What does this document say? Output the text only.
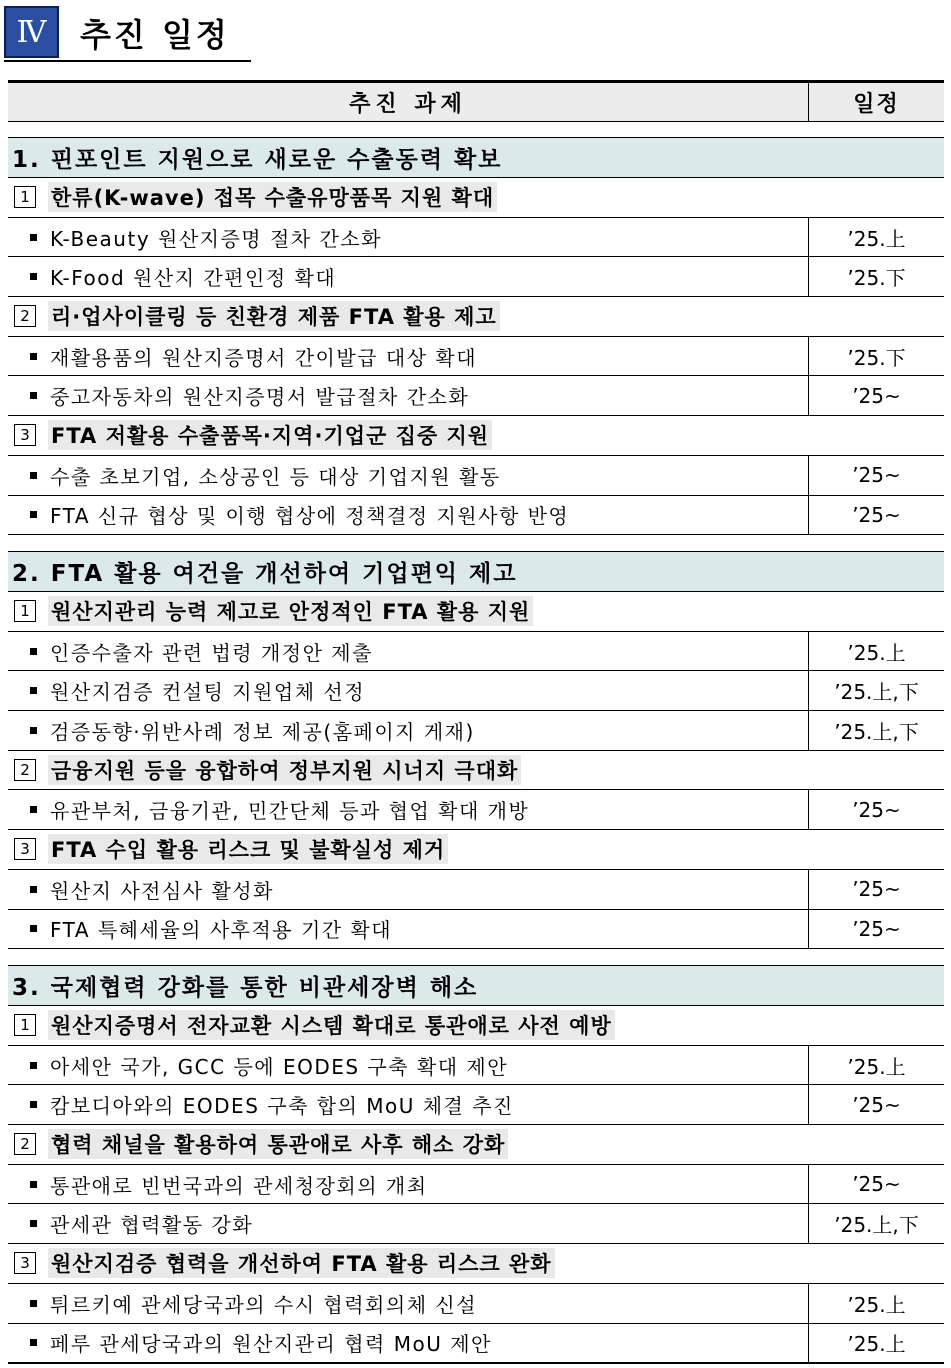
Ⅳ	추진 일정
추진 과제	일정
1. 핀포인트 지원으로 새로운 수출동력 확보
1 한류(K-wave) 접목 수출유망품목 지원 확대
K-Beauty 원산지증명 절차 간소화	’25.上
K-Food 원산지 간편인정 확대	’25.下
2 리·업사이클링 등 친환경 제품 FTA 활용 제고
재활용품의 원산지증명서 간이발급 대상 확대	’25.下
중고자동차의 원산지증명서 발급절차 간소화	’25~
3 FTA 저활용 수출품목·지역·기업군 집중 지원
수출 초보기업, 소상공인 등 대상 기업지원 활동	’25~
FTA 신규 협상 및 이행 협상에 정책결정 지원사항 반영	’25~
2. FTA 활용 여건을 개선하여 기업편익 제고
1 원산지관리 능력 제고로 안정적인 FTA 활용 지원
인증수출자 관련 법령 개정안 제출	’25.上
원산지검증 컨설팅 지원업체 선정	’25.上,下
검증동향·위반사례 정보 제공(홈페이지 게재)	’25.上,下
2 금융지원 등을 융합하여 정부지원 시너지 극대화
유관부처, 금융기관, 민간단체 등과 협업 확대 개방	’25~
3 FTA 수입 활용 리스크 및 불확실성 제거
원산지 사전심사 활성화	’25~
FTA 특혜세율의 사후적용 기간 확대	’25~
3. 국제협력 강화를 통한 비관세장벽 해소
1 원산지증명서 전자교환 시스템 확대로 통관애로 사전 예방
아세안 국가, GCC 등에 EODES 구축 확대 제안	’25.上
캄보디아와의 EODES 구축 합의 MoU 체결 추진	’25~
2 협력 채널을 활용하여 통관애로 사후 해소 강화
통관애로 빈번국과의 관세청장회의 개최	’25~
관세관 협력활동 강화	’25.上,下
3 원산지검증 협력을 개선하여 FTA 활용 리스크 완화
튀르키예 관세당국과의 수시 협력회의체 신설	’25.上
페루 관세당국과의 원산지관리 협력 MoU 제안	’25.上
